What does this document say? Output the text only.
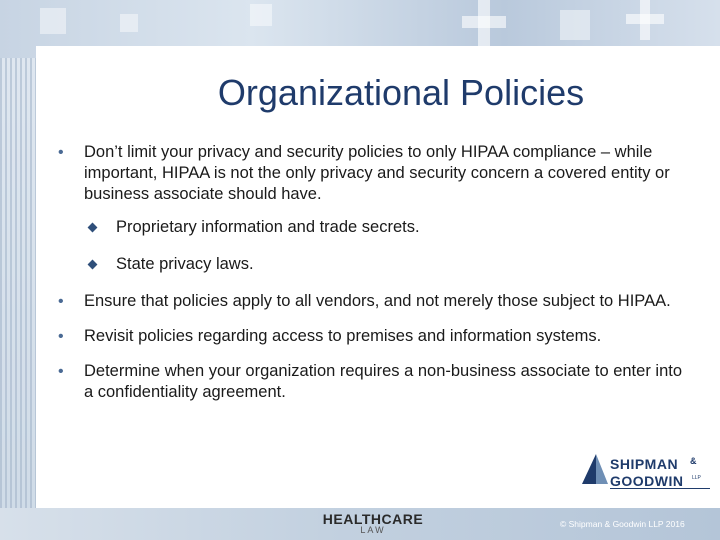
Organizational Policies
• Don’t limit your privacy and security policies to only HIPAA compliance – while important, HIPAA is not the only privacy and security concern a covered entity or business associate should have.
Proprietary information and trade secrets.
State privacy laws.
• Ensure that policies apply to all vendors, and not merely those subject to HIPAA.
• Revisit policies regarding access to premises and information systems.
• Determine when your organization requires a non-business associate to enter into a confidentiality agreement.
SHIPMAN &
GOODWIN LLP
HEALTHCARE
LAW
© Shipman & Goodwin LLP 2016
